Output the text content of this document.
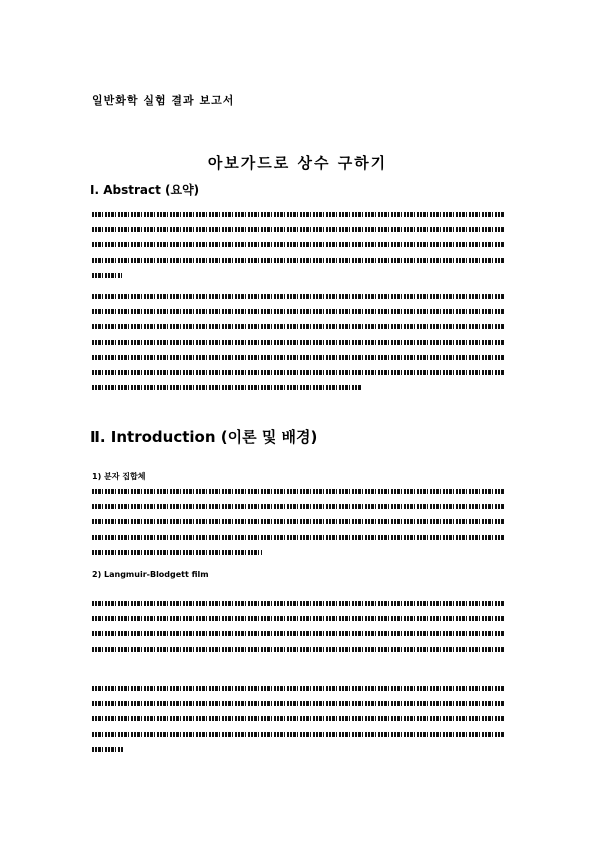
일반화학 실험 결과 보고서
아보가드로 상수 구하기
Ⅰ. Abstract (요약)
Ⅱ. Introduction (이론 및 배경)
1) 분자 집합체
2) Langmuir-Blodgett film
